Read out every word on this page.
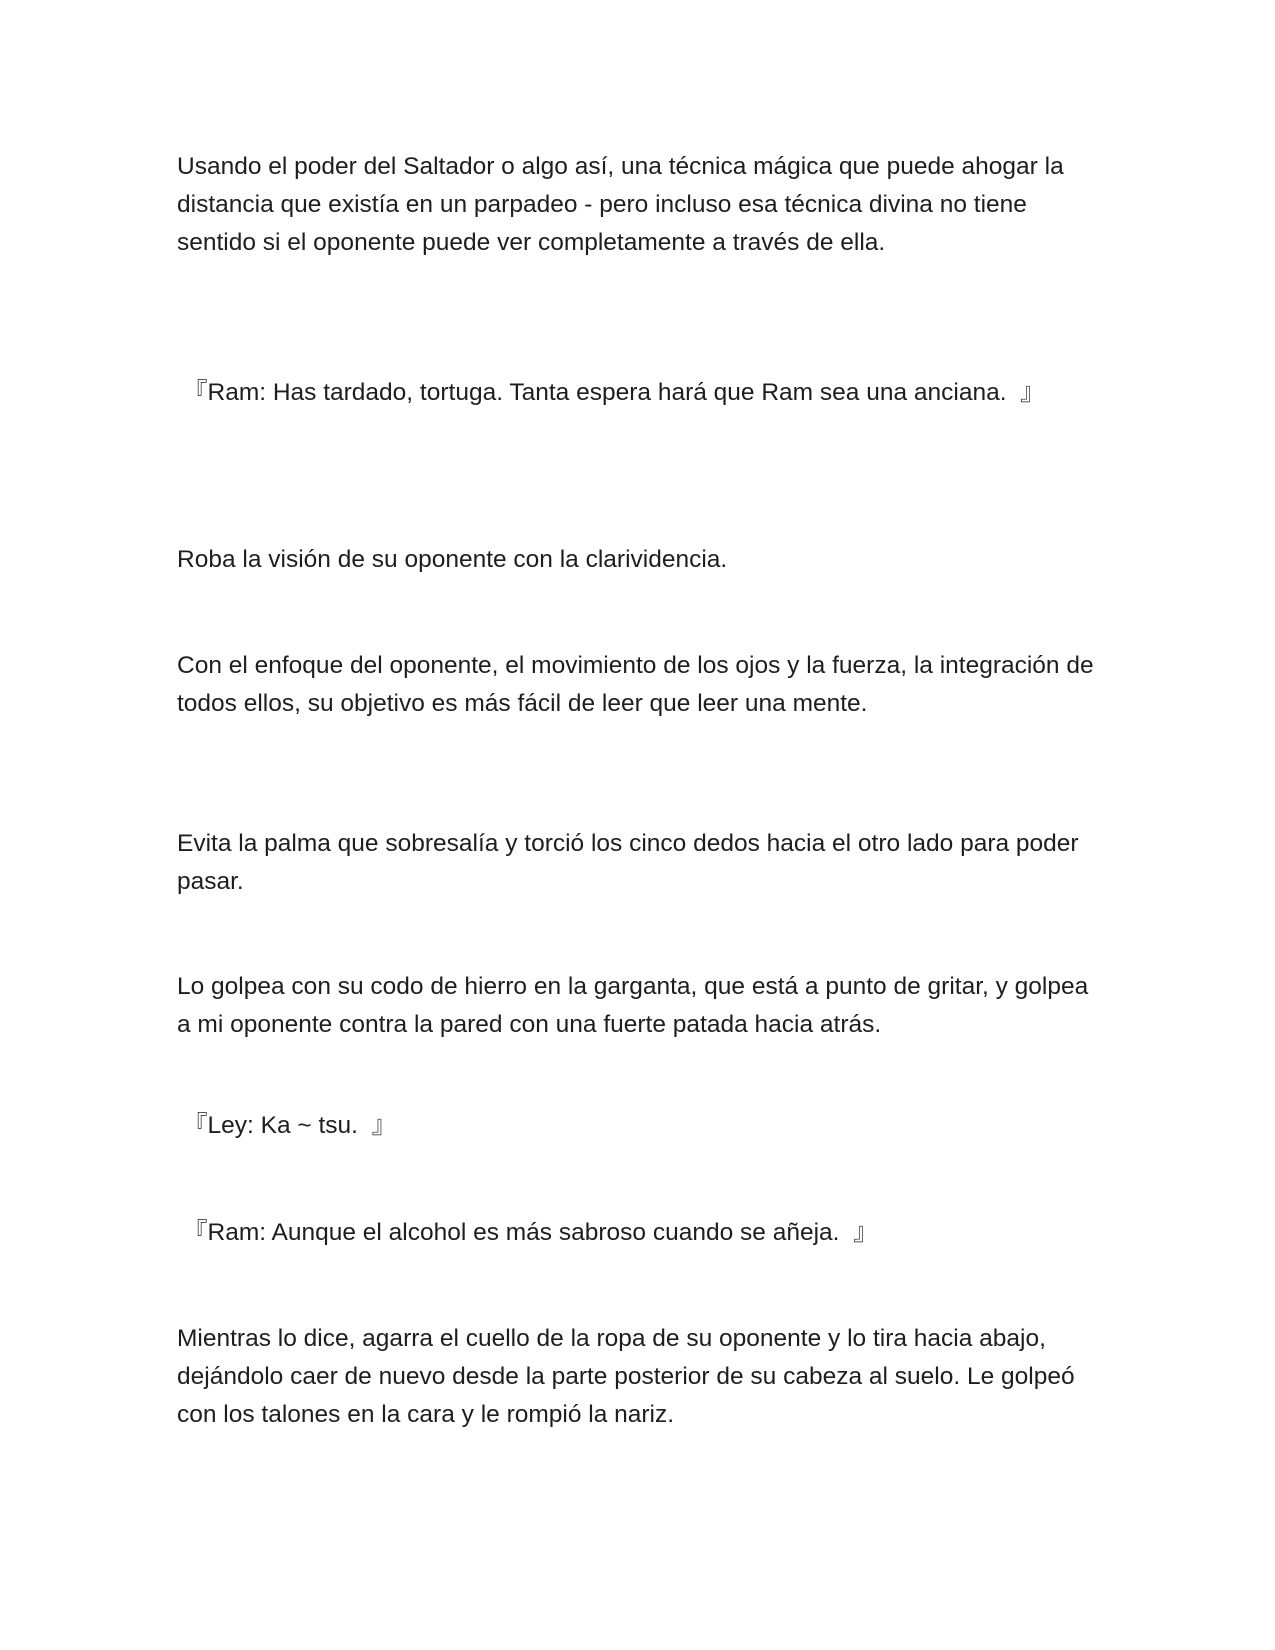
Usando el poder del Saltador o algo así, una técnica mágica que puede ahogar la distancia que existía en un parpadeo - pero incluso esa técnica divina no tiene sentido si el oponente puede ver completamente a través de ella.

『Ram: Has tardado, tortuga. Tanta espera hará que Ram sea una anciana.  』

Roba la visión de su oponente con la clarividencia.

Con el enfoque del oponente, el movimiento de los ojos y la fuerza, la integración de todos ellos, su objetivo es más fácil de leer que leer una mente.

Evita la palma que sobresalía y torció los cinco dedos hacia el otro lado para poder pasar.

Lo golpea con su codo de hierro en la garganta, que está a punto de gritar, y golpea a mi oponente contra la pared con una fuerte patada hacia atrás.

『Ley: Ka ~ tsu.  』

『Ram: Aunque el alcohol es más sabroso cuando se añeja.  』

Mientras lo dice, agarra el cuello de la ropa de su oponente y lo tira hacia abajo, dejándolo caer de nuevo desde la parte posterior de su cabeza al suelo. Le golpeó con los talones en la cara y le rompió la nariz.
